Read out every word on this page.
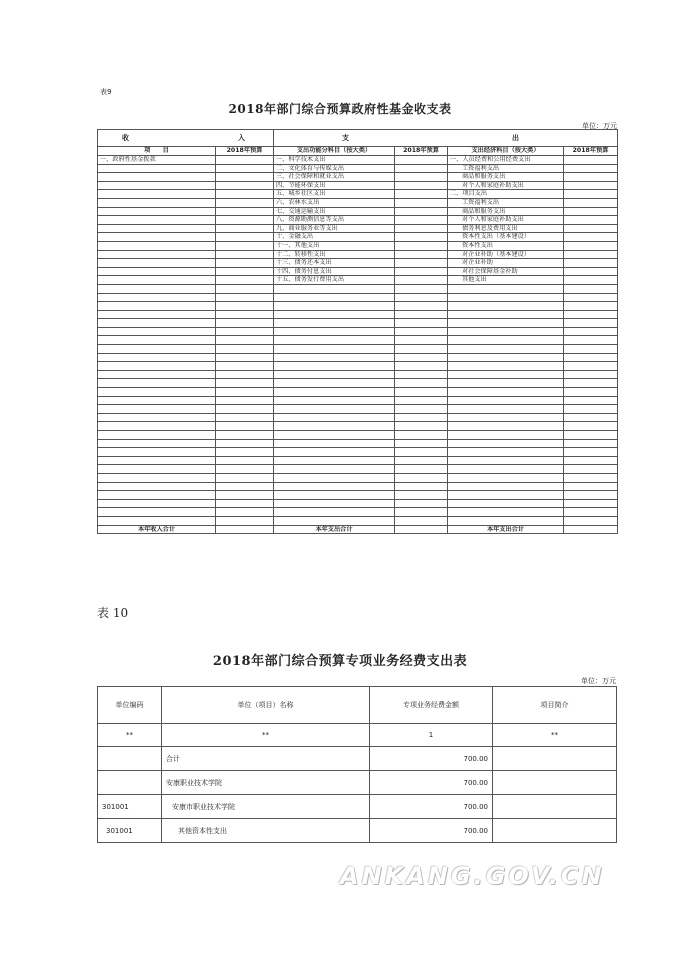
表9
2018年部门综合预算政府性基金收支表
单位：万元
收 入		支 出			

项　　目	2018年预算	支出功能分科目（按大类）	2018年预算	支出经济科目（按大类）	2018年预算
一、政府性基金拨款		一、科学技术支出		一、人员经费和公用经费支出	
		二、文化体育与传媒支出		工资福利支出	
		三、社会保障和就业支出		商品和服务支出	
		四、节能环保支出		对个人和家庭补助支出	
		五、城乡社区支出		二、项目支出	
		六、农林水支出		工资福利支出	
		七、交通运输支出		商品和服务支出	
		八、资源勘测信息等支出		对个人和家庭补助支出	
		九、商业服务业等支出		债务利息及费用支出	
		十、金融支出		资本性支出（基本建设）	
		十一、其他支出		资本性支出	
		十二、转移性支出		对企业补助（基本建设）	
		十三、债务还本支出		对企业补助	
		十四、债务付息支出		对社会保障基金补助	
		十五、债务发行费用支出		其他支出	

本年收入合计		本年支出合计		本年支出合计	
表 10
2018年部门综合预算专项业务经费支出表
单位：万元
单位编码	单位（项目）名称	专项业务经费金额	项目简介
**	**	1	**
	合计	700.00	
	安康职业技术学院	700.00	
301001	安康市职业技术学院	700.00	
301001	其他资本性支出	700.00	
ANKANG.GOV.CN
